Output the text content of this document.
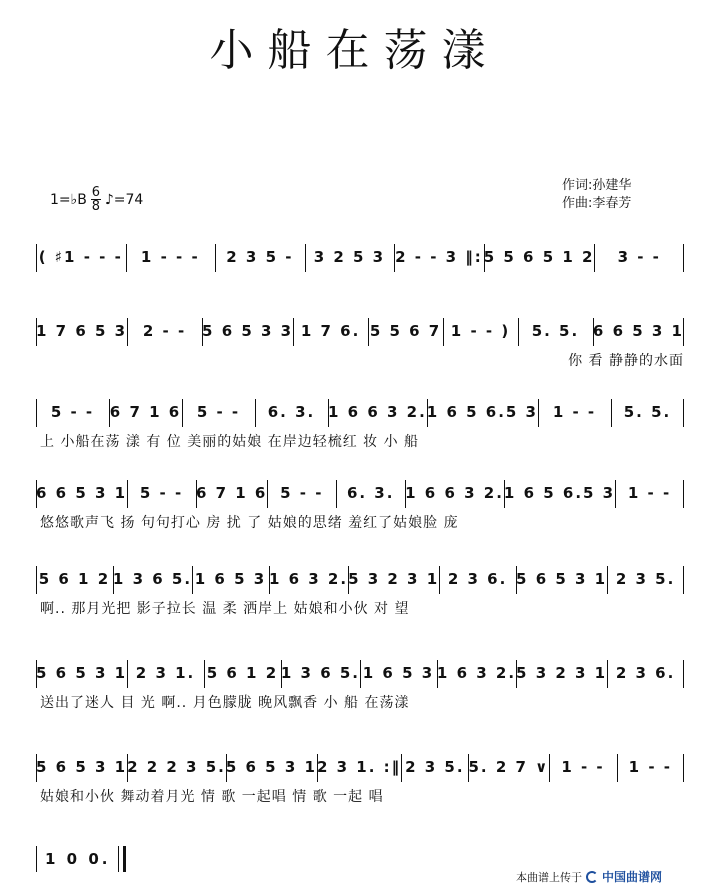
小船在荡漾
1=♭B $\frac{6}{8}$ ♪=74
作词:孙建华
作曲:李春芳
( ♯1 - - -	1 - - -	2 3 5 -	3 2 5 3 2 - - 3 ‖: 5 5 6 5 1 2	3 - -
1 7 6 5 3	2 - -	5 6 5 3 3 1 7 6. 5 5 6 7 1 - - )	5. 5. 6 6 5 3 1
你 看 静静的水面
5 - -	6 7 1 6	5 - -	6. 3. 1 6 6 3 2. 1 6 5 6.5 3 1 - -	5. 5.
上 小船在荡 漾 有 位 美丽的姑娘 在岸边轻梳红 妆 小 船
6 6 5 3 1 5 - - 6 7 1 6 5 - -	6. 3. 1 6 6 3 2. 1 6 5 6.5 3 1 - -
悠悠歌声飞 扬 句句打心 房 扰 了 姑娘的思绪 羞红了姑娘脸 庞
5 6 1 2 1 3 6 5. 1 6 5 3 1 6 3 2. 5 3 2 3 1 2 3 6. 5 6 5 3 1 2 3 5.
啊.. 那月光把 影子拉长 温 柔 洒岸上 姑娘和小伙 对 望
5 6 5 3 1 2 3 1. 5 6 1 2 1 3 6 5. 1 6 5 3 1 6 3 2. 5 3 2 3 1 2 3 6.
送出了迷人 目 光 啊.. 月色朦胧 晚风飘香 小 船 在荡漾
5 6 5 3 1 2 2 2 3 5. 5 6 5 3 1 2 3 1. :‖ 2 3 5. 5. 2 7 ∨ 1 - -	1 - -
姑娘和小伙 舞动着月光 情 歌 一起唱 情 歌 一起 唱
1 0 0.
本曲谱上传于 中国曲谱网
